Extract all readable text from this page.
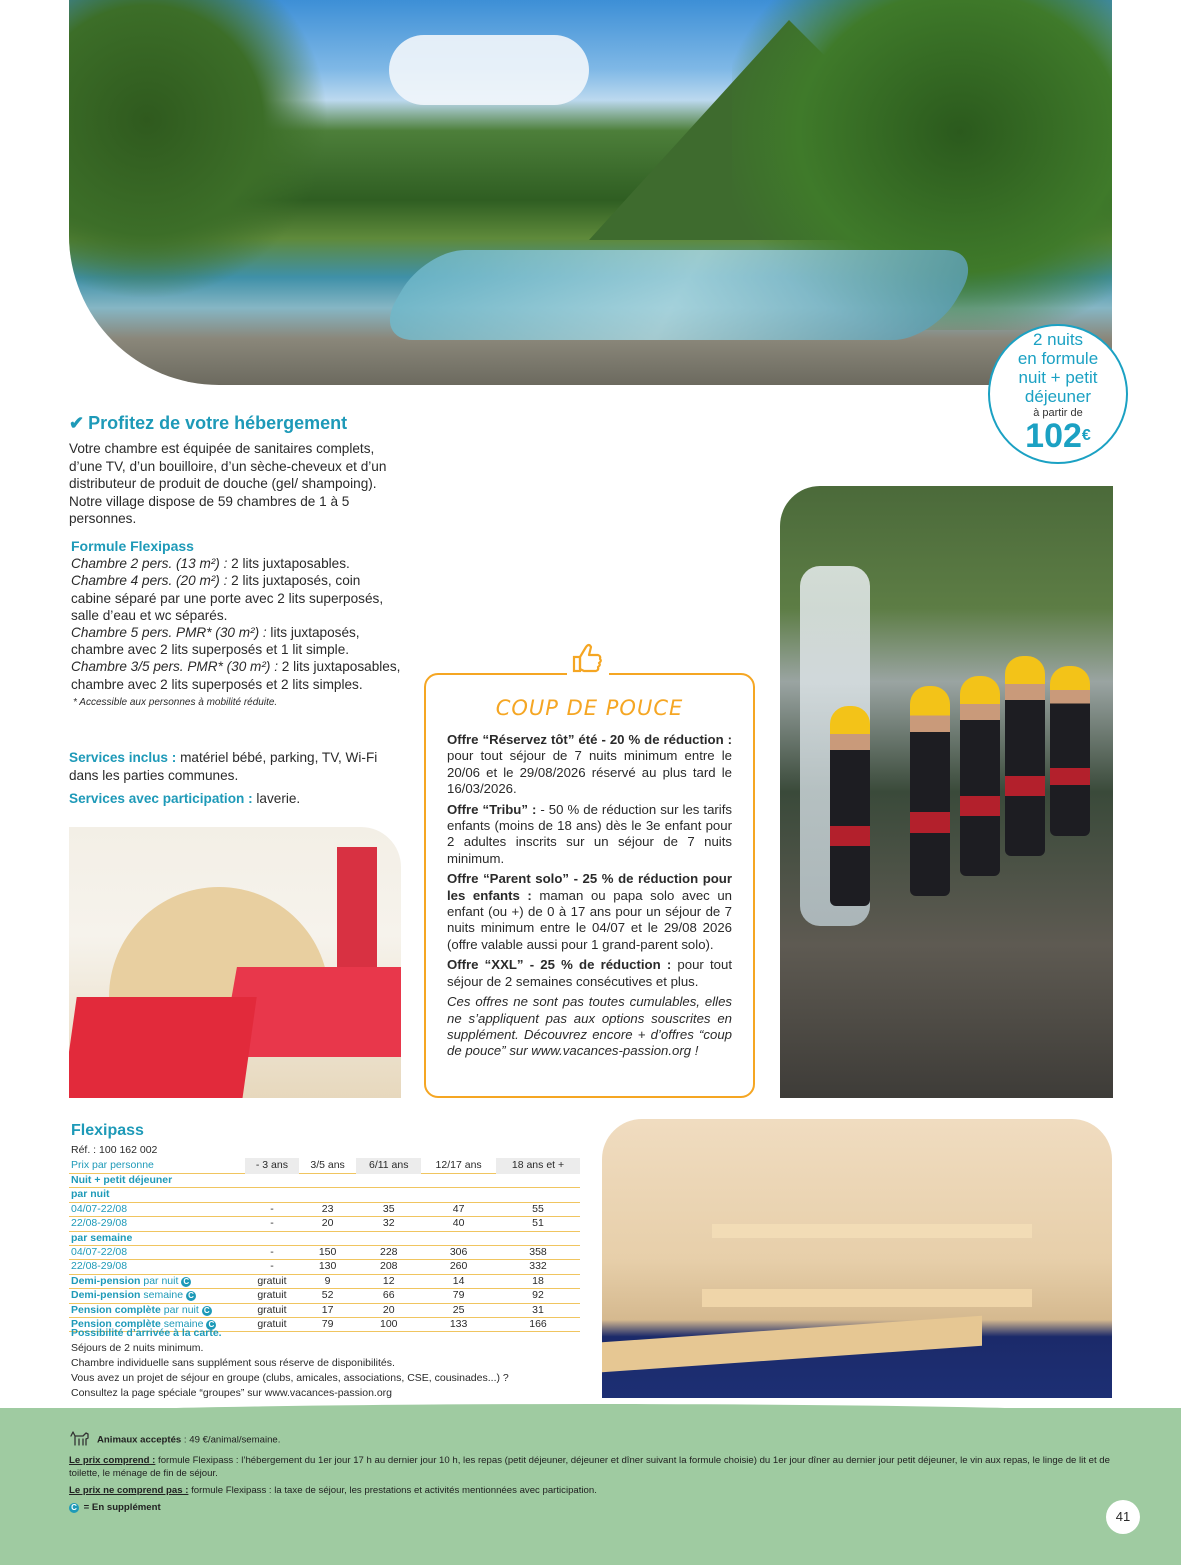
2 nuits
en formule
nuit + petit
déjeuner
à partir de
102€
✔ Profitez de votre hébergement
Votre chambre est équipée de sanitaires complets, d’une TV, d’un bouilloire, d’un sèche-cheveux et d’un distributeur de produit de douche (gel/ shampoing). Notre village dispose de 59 chambres de 1 à 5 personnes.
Formule Flexipass
Chambre 2 pers. (13 m²) : 2 lits juxtaposables.
Chambre 4 pers. (20 m²) : 2 lits juxtaposés, coin cabine séparé par une porte avec 2 lits superposés, salle d’eau et wc séparés.
Chambre 5 pers. PMR* (30 m²) : lits juxtaposés, chambre avec 2 lits superposés et 1 lit simple.
Chambre 3/5 pers. PMR* (30 m²) : 2 lits juxtaposables, chambre avec 2 lits superposés et 2 lits simples.
* Accessible aux personnes à mobilité réduite.
Services inclus : matériel bébé, parking, TV, Wi-Fi dans les parties communes.
Services avec participation : laverie.
COUP DE POUCE

Offre “Réservez tôt” été - 20 % de réduction : pour tout séjour de 7 nuits minimum entre le 20/06 et le 29/08/2026 réservé au plus tard le 16/03/2026.

Offre “Tribu” : - 50 % de réduction sur les tarifs enfants (moins de 18 ans) dès le 3e enfant pour 2 adultes inscrits sur un séjour de 7 nuits minimum.

Offre “Parent solo” - 25 % de réduction pour les enfants : maman ou papa solo avec un enfant (ou +) de 0 à 17 ans pour un séjour de 7 nuits minimum entre le 04/07 et le 29/08 2026 (offre valable aussi pour 1 grand-parent solo).

Offre “XXL” - 25 % de réduction : pour tout séjour de 2 semaines consécutives et plus.

Ces offres ne sont pas toutes cumulables, elles ne s’appliquent pas aux options souscrites en supplément. Découvrez encore + d’offres “coup de pouce” sur www.vacances-passion.org !

Flexipass
Réf. : 100 162 002
Prix par personne	- 3 ans	3/5 ans	6/11 ans	12/17 ans	18 ans et +
Nuit + petit déjeuner					
par nuit					
04/07-22/08	-	23	35	47	55
22/08-29/08	-	20	32	40	51
par semaine					
04/07-22/08	-	150	228	306	358
22/08-29/08	-	130	208	260	332
Demi-pension par nuit C	gratuit	9	12	14	18
Demi-pension semaine C	gratuit	52	66	79	92
Pension complète par nuit C	gratuit	17	20	25	31
Pension complète semaine C	gratuit	79	100	133	166
Possibilité d’arrivée à la carte.
Séjours de 2 nuits minimum.
Chambre individuelle sans supplément sous réserve de disponibilités.
Vous avez un projet de séjour en groupe (clubs, amicales, associations, CSE, cousinades...) ?
Consultez la page spéciale “groupes” sur www.vacances-passion.org

Animaux acceptés : 49 €/animal/semaine.

Le prix comprend : formule Flexipass : l’hébergement du 1er jour 17 h au dernier jour 10 h, les repas (petit déjeuner, déjeuner et dîner suivant la formule choisie) du 1er jour dîner au dernier jour petit déjeuner, le vin aux repas, le linge de lit et de toilette, le ménage de fin de séjour.

Le prix ne comprend pas : formule Flexipass : la taxe de séjour, les prestations et activités mentionnées avec participation.

C = En supplément

41
